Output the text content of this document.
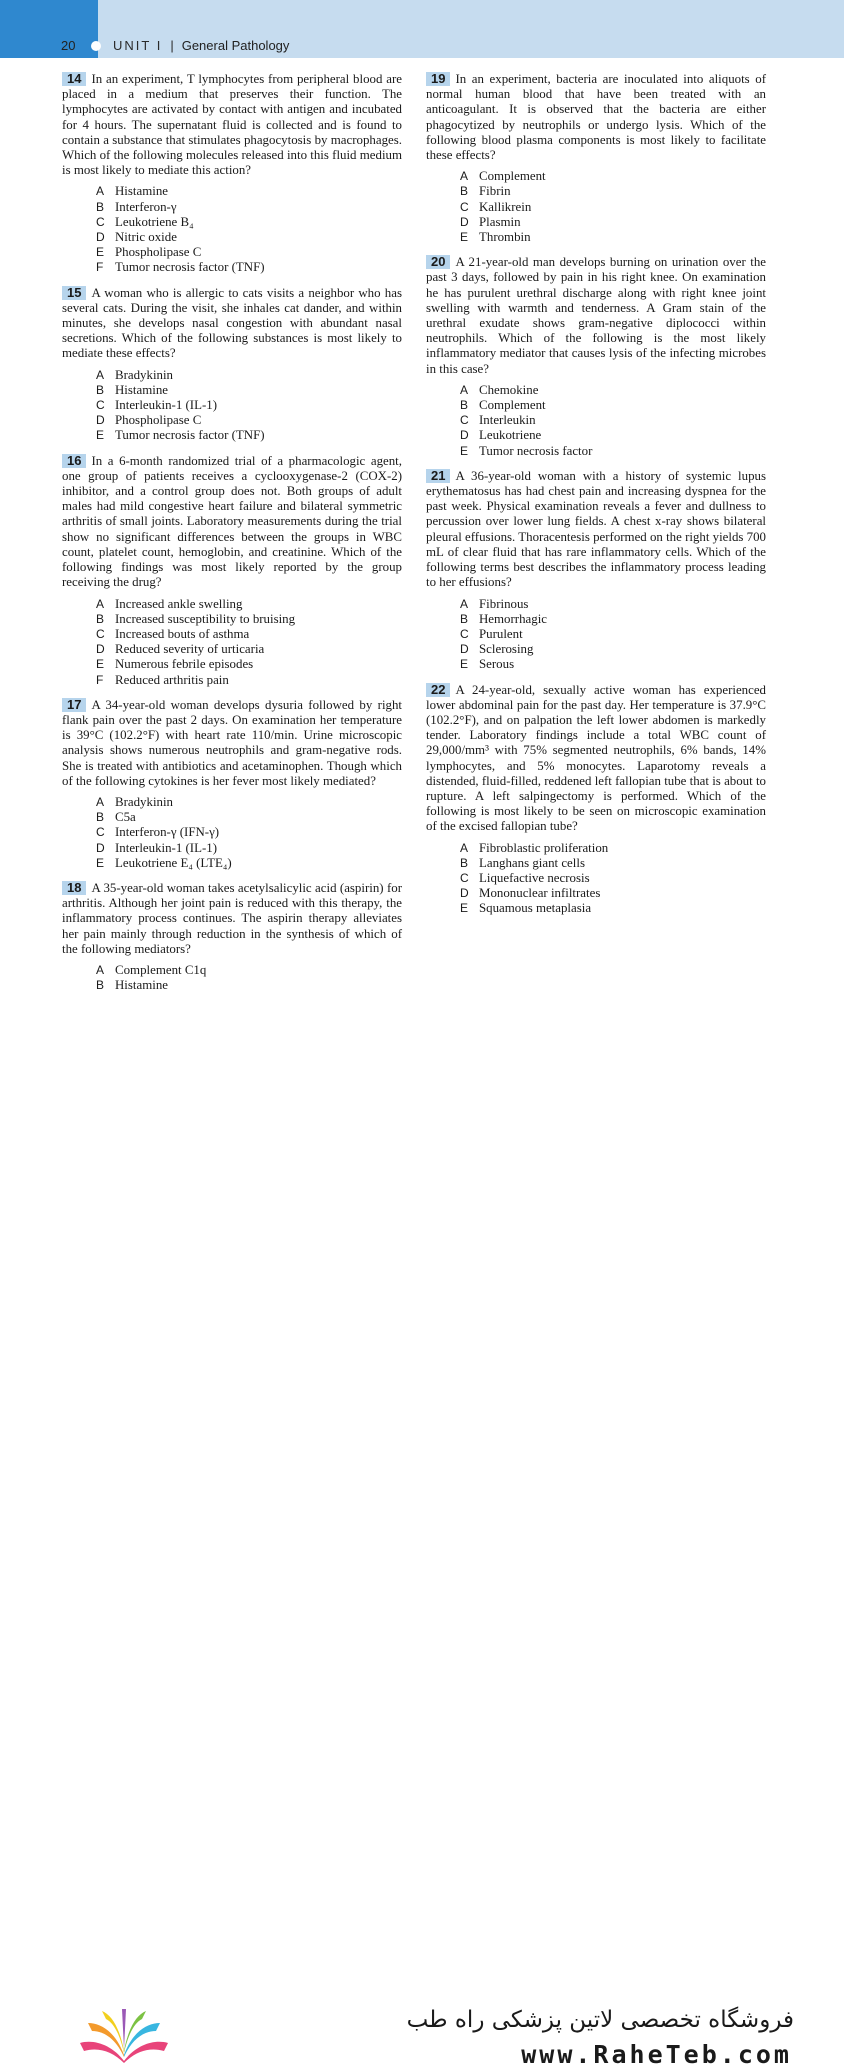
20	UNIT I | General Pathology
14 In an experiment, T lymphocytes from peripheral blood are placed in a medium that preserves their function. The lymphocytes are activated by contact with antigen and incubated for 4 hours. The supernatant fluid is collected and is found to contain a substance that stimulates phagocytosis by macrophages. Which of the following molecules released into this fluid medium is most likely to mediate this action?
A Histamine
B Interferon-γ
C Leukotriene B₄
D Nitric oxide
E Phospholipase C
F Tumor necrosis factor (TNF)
15 A woman who is allergic to cats visits a neighbor who has several cats. During the visit, she inhales cat dander, and within minutes, she develops nasal congestion with abundant nasal secretions. Which of the following substances is most likely to mediate these effects?
A Bradykinin
B Histamine
C Interleukin-1 (IL-1)
D Phospholipase C
E Tumor necrosis factor (TNF)
16 In a 6-month randomized trial of a pharmacologic agent, one group of patients receives a cyclooxygenase-2 (COX-2) inhibitor, and a control group does not. Both groups of adult males had mild congestive heart failure and bilateral symmetric arthritis of small joints. Laboratory measurements during the trial show no significant differences between the groups in WBC count, platelet count, hemoglobin, and creatinine. Which of the following findings was most likely reported by the group receiving the drug?
A Increased ankle swelling
B Increased susceptibility to bruising
C Increased bouts of asthma
D Reduced severity of urticaria
E Numerous febrile episodes
F Reduced arthritis pain
17 A 34-year-old woman develops dysuria followed by right flank pain over the past 2 days. On examination her temperature is 39°C (102.2°F) with heart rate 110/min. Urine microscopic analysis shows numerous neutrophils and gram-negative rods. She is treated with antibiotics and acetaminophen. Though which of the following cytokines is her fever most likely mediated?
A Bradykinin
B C5a
C Interferon-γ (IFN-γ)
D Interleukin-1 (IL-1)
E Leukotriene E₄ (LTE₄)
18 A 35-year-old woman takes acetylsalicylic acid (aspirin) for arthritis. Although her joint pain is reduced with this therapy, the inflammatory process continues. The aspirin therapy alleviates her pain mainly through reduction in the synthesis of which of the following mediators?
A Complement C1q
B Histamine
19 In an experiment, bacteria are inoculated into aliquots of normal human blood that have been treated with an anticoagulant. It is observed that the bacteria are either phagocytized by neutrophils or undergo lysis. Which of the following blood plasma components is most likely to facilitate these effects?
A Complement
B Fibrin
C Kallikrein
D Plasmin
E Thrombin
20 A 21-year-old man develops burning on urination over the past 3 days, followed by pain in his right knee. On examination he has purulent urethral discharge along with right knee joint swelling with warmth and tenderness. A Gram stain of the urethral exudate shows gram-negative diplococci within neutrophils. Which of the following is the most likely inflammatory mediator that causes lysis of the infecting microbes in this case?
A Chemokine
B Complement
C Interleukin
D Leukotriene
E Tumor necrosis factor
21 A 36-year-old woman with a history of systemic lupus erythematosus has had chest pain and increasing dyspnea for the past week. Physical examination reveals a fever and dullness to percussion over lower lung fields. A chest x-ray shows bilateral pleural effusions. Thoracentesis performed on the right yields 700 mL of clear fluid that has rare inflammatory cells. Which of the following terms best describes the inflammatory process leading to her effusions?
A Fibrinous
B Hemorrhagic
C Purulent
D Sclerosing
E Serous
22 A 24-year-old, sexually active woman has experienced lower abdominal pain for the past day. Her temperature is 37.9°C (102.2°F), and on palpation the left lower abdomen is markedly tender. Laboratory findings include a total WBC count of 29,000/mm³ with 75% segmented neutrophils, 6% bands, 14% lymphocytes, and 5% monocytes. Laparotomy reveals a distended, fluid-filled, reddened left fallopian tube that is about to rupture. A left salpingectomy is performed. Which of the following is most likely to be seen on microscopic examination of the excised fallopian tube?
A Fibroblastic proliferation
B Langhans giant cells
C Liquefactive necrosis
D Mononuclear infiltrates
E Squamous metaplasia
فروشگاه تخصصی لاتین پزشکی راه طب
www.RaheTeb.com
